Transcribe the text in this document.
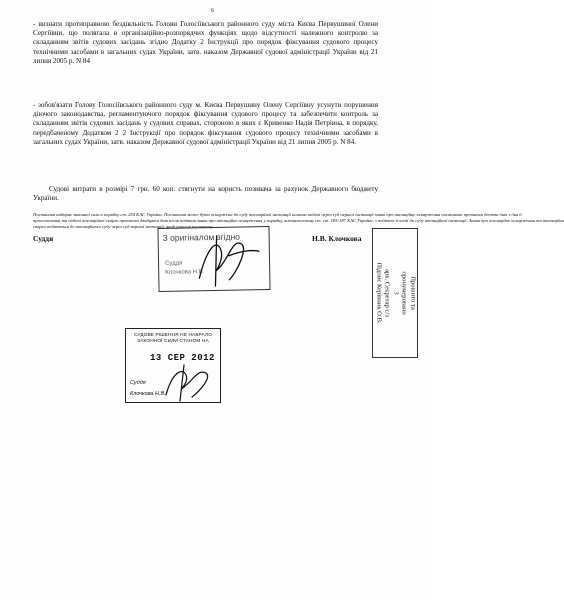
6
- визнати протиправною бездіяльність Голови Голосіївського районного суду міста Києва Первушиної Олени Сергіївни, що полягала в організаційно-розпорядчих функціях щодо відсутності належного контролю за складанням звітів судових засідань згідно Додатку 2 Інструкції про порядок фіксування судового процесу технічними засобами в загальних судах України, затв. наказом Державної судової адміністрації України від 21 липня 2005 р. N 84
- зобов'язати Голову Голосіївського районного суду м. Києва Первушину Олену Сергіївну усунути порушення діючого законодавства, регламентуючого порядок фіксування судового процесу та забезпечити контроль за складанням звітів судових засідань у судових справах, стороною в яких є Кривенко Надія Петрівна, в порядку, передбаченому Додатком 2 2 Інструкції про порядок фіксування судового процесу технічними засобами в загальних судах України, затв. наказом Державної судової адміністрації України від 21 липня 2005 р. N 84.
Судові витрати в розмірі 7 грн. 60 коп. стягнути на користь позивача за рахунок Державного бюджету України.
Постанова набирає законної сили в порядку ст. 254 КАС України. Постанова може бути оскаржена до суду апеляційної інстанції шляхом подачі через суд першої інстанції заяви про апеляційне оскарження постанови протягом десяти днів з дня її
проголошення та подачі апеляційної скарги протягом двадцяти днів після подання заяви про апеляційне оскарження у порядку, встановленому ст. ст. 185-187 КАС України, з подачею її копії до суду апеляційної інстанції. Заява про апеляційне оскарження та апеляційна
скарга подаються до апеляційного суду через суд першої інстанції, який ухвалив постанову.
Суддя	Н.В. Клочкова
З оригіналом згідно
Суддя
Клочкова Н.В.
Прошито та
пронумеровано
3
арк. Секретар с/з
Підпис Керівник О.В.
СУДОВЕ РІШЕННЯ НЕ НАБРАЛО
ЗАКОННОЇ СИЛИ СТАНОМ НА
13 СЕР 2012
Суддя
Клочкова Н.В.
